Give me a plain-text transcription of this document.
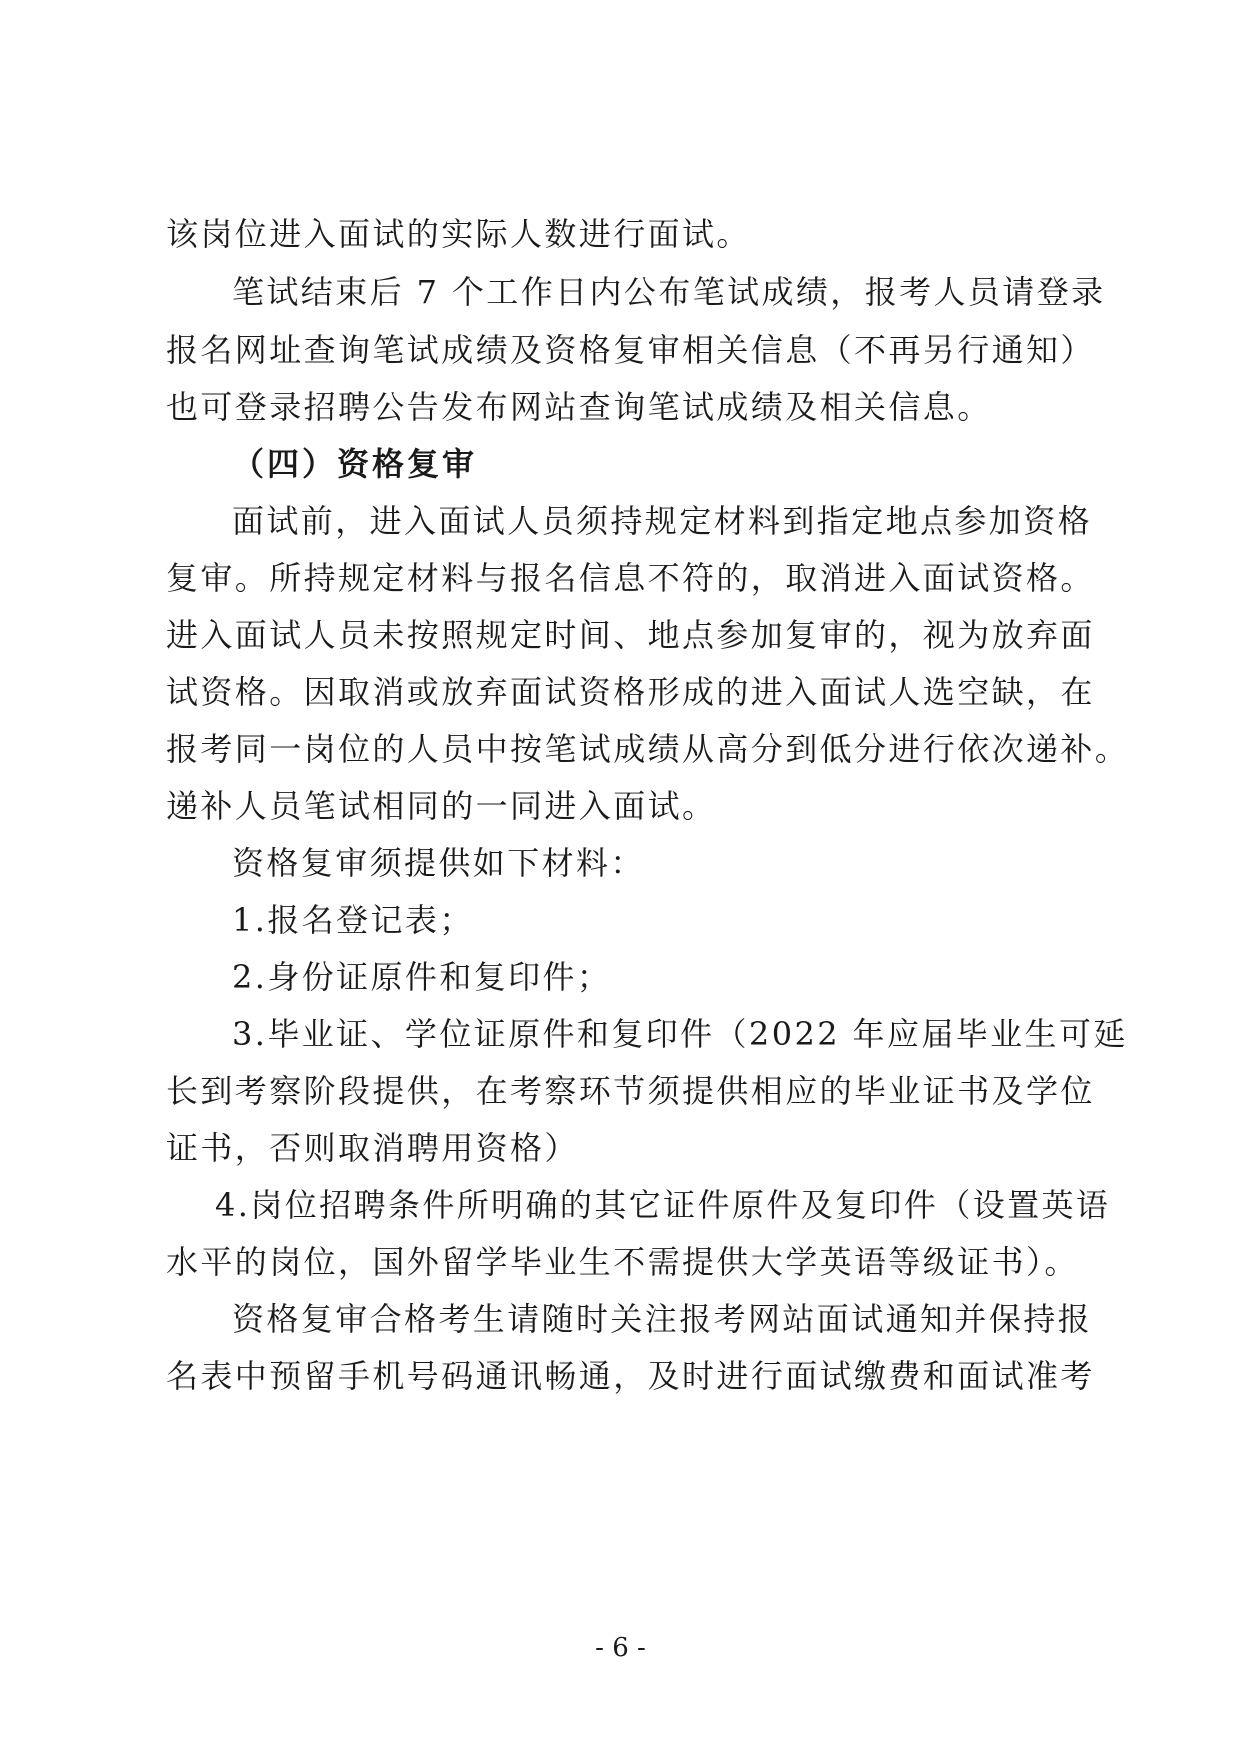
该岗位进入面试的实际人数进行面试。
笔试结束后 7 个工作日内公布笔试成绩，报考人员请登录
报名网址查询笔试成绩及资格复审相关信息（不再另行通知）
也可登录招聘公告发布网站查询笔试成绩及相关信息。
（四）资格复审
面试前，进入面试人员须持规定材料到指定地点参加资格
复审。所持规定材料与报名信息不符的，取消进入面试资格。
进入面试人员未按照规定时间、地点参加复审的，视为放弃面
试资格。因取消或放弃面试资格形成的进入面试人选空缺，在
报考同一岗位的人员中按笔试成绩从高分到低分进行依次递补。
递补人员笔试相同的一同进入面试。
资格复审须提供如下材料：
1.报名登记表；
2.身份证原件和复印件；
3.毕业证、学位证原件和复印件（2022 年应届毕业生可延
长到考察阶段提供，在考察环节须提供相应的毕业证书及学位
证书，否则取消聘用资格）
4.岗位招聘条件所明确的其它证件原件及复印件（设置英语
水平的岗位，国外留学毕业生不需提供大学英语等级证书）。
资格复审合格考生请随时关注报考网站面试通知并保持报
名表中预留手机号码通讯畅通，及时进行面试缴费和面试准考
- 6 -
